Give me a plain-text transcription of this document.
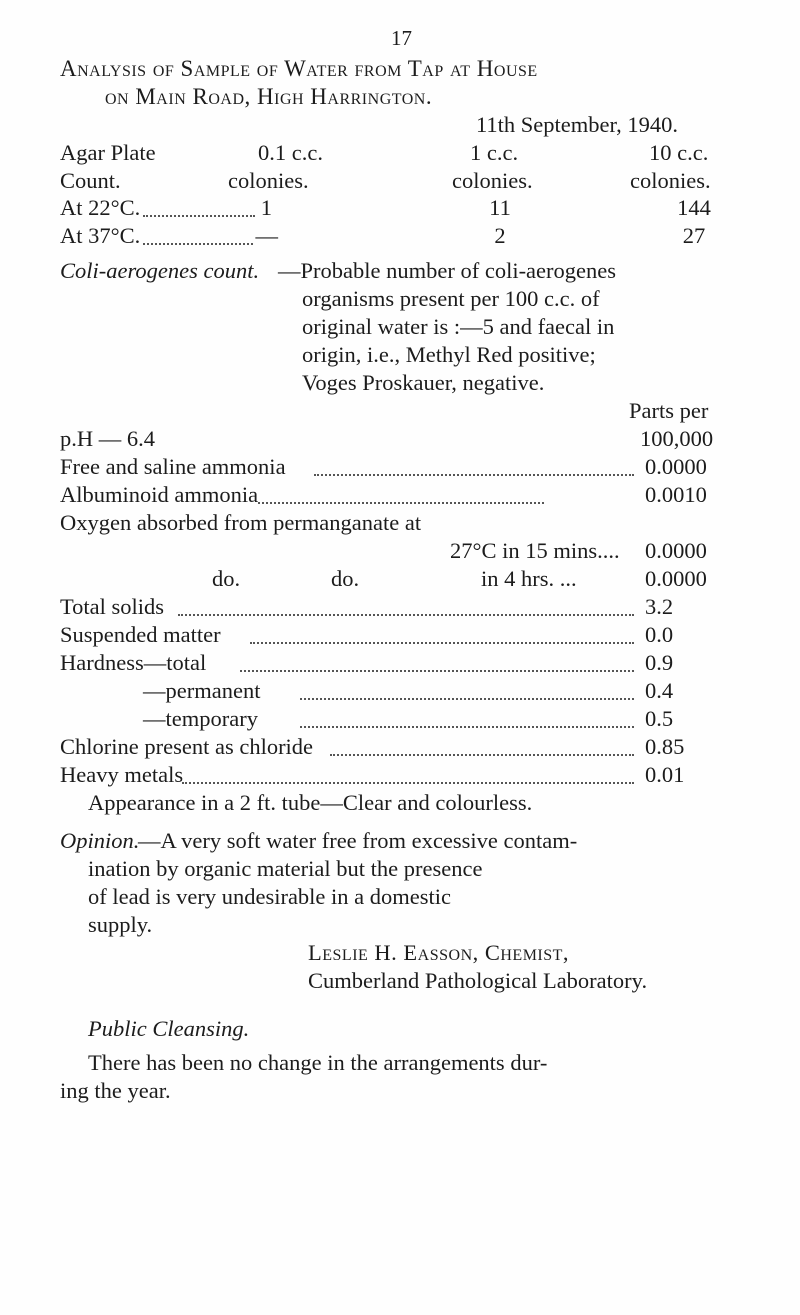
17
Analysis of Sample of Water from Tap at House
on Main Road, High Harrington.
11th September, 1940.
Agar Plate	0.1 c.c.	1 c.c.	10 c.c.
Count.	colonies.	colonies.	colonies.
At 22°C.	1	11	144
At 37°C.	—	2	27
Coli-aerogenes count. —Probable number of coli-aerogenes
organisms present per 100 c.c. of
original water is :—5 and faecal in
origin, i.e., Methyl Red positive;
Voges Proskauer, negative.
Parts per
p.H — 6.4	100,000
Free and saline ammonia	0.0000
Albuminoid ammonia	0.0010
Oxygen absorbed from permanganate at
27°C in 15 mins.... 0.0000
do.	do.	in 4 hrs. ...	0.0000
Total solids	3.2
Suspended matter	0.0
Hardness—total	0.9
—permanent	0.4
—temporary	0.5
Chlorine present as chloride	0.85
Heavy metals	0.01
Appearance in a 2 ft. tube—Clear and colourless.
Opinion.
—A very soft water free from excessive contam-
ination by organic material but the presence
of lead is very undesirable in a domestic
supply.
Leslie H. Easson, Chemist,
Cumberland Pathological Laboratory.
Public Cleansing.
There has been no change in the arrangements dur-
ing the year.
